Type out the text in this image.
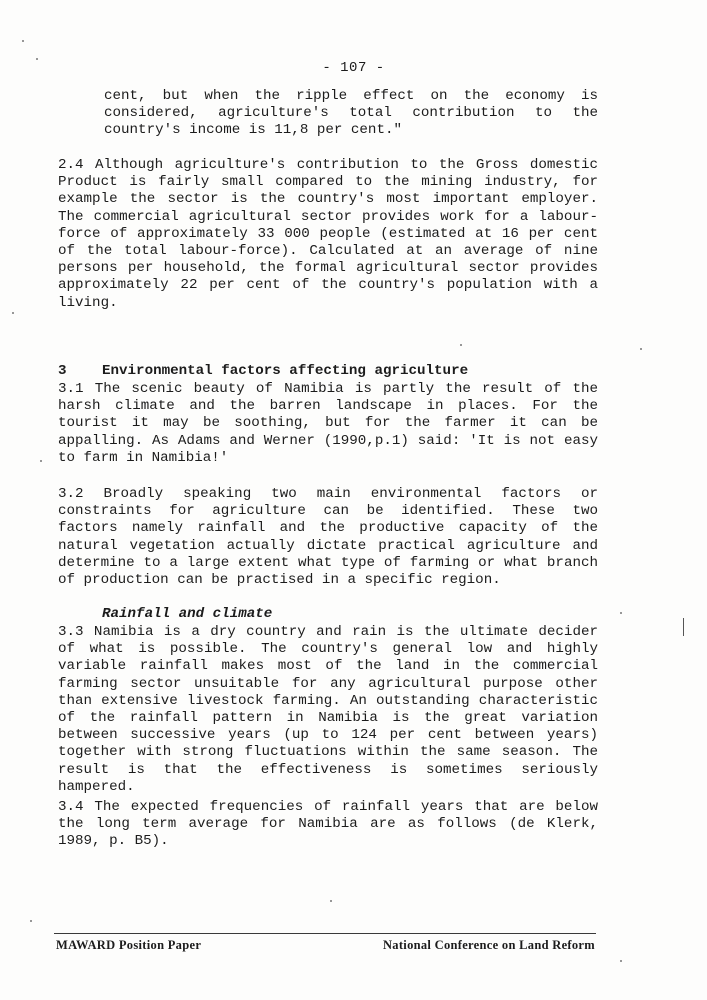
- 107 -
cent, but when the ripple effect on the economy is considered, agriculture's total contribution to the country's income is 11,8 per cent."
2.4 Although agriculture's contribution to the Gross domestic Product is fairly small compared to the mining industry, for example the sector is the country's most important employer. The commercial agricultural sector provides work for a labour-force of approximately 33 000 people (estimated at 16 per cent of the total labour-force). Calculated at an average of nine persons per household, the formal agricultural sector provides approximately 22 per cent of the country's population with a living.
3 Environmental factors affecting agriculture
3.1 The scenic beauty of Namibia is partly the result of the harsh climate and the barren landscape in places. For the tourist it may be soothing, but for the farmer it can be appalling. As Adams and Werner (1990,p.1) said: 'It is not easy to farm in Namibia!'
3.2 Broadly speaking two main environmental factors or constraints for agriculture can be identified. These two factors namely rainfall and the productive capacity of the natural vegetation actually dictate practical agriculture and determine to a large extent what type of farming or what branch of production can be practised in a specific region.
Rainfall and climate
3.3 Namibia is a dry country and rain is the ultimate decider of what is possible. The country's general low and highly variable rainfall makes most of the land in the commercial farming sector unsuitable for any agricultural purpose other than extensive livestock farming. An outstanding characteristic of the rainfall pattern in Namibia is the great variation between successive years (up to 124 per cent between years) together with strong fluctuations within the same season. The result is that the effectiveness is sometimes seriously hampered.
3.4 The expected frequencies of rainfall years that are below the long term average for Namibia are as follows (de Klerk, 1989, p. B5).
MAWARD Position Paper	National Conference on Land Reform
